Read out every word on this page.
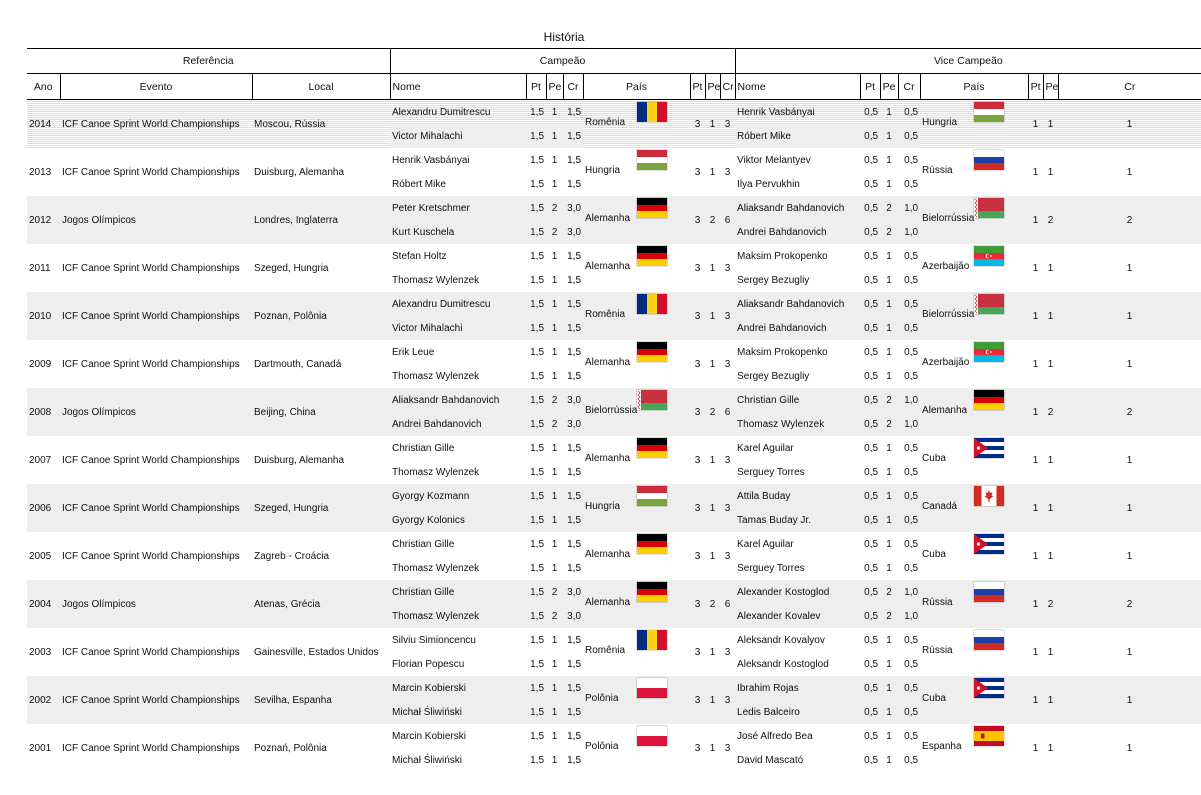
História
Referência			Campeão								Vice Campeão							
Ano	Evento	Local	Nome	Pt	Pe	Cr	País	Pt	Pe	Cr	Nome	Pt	Pe	Cr	País	Pt	Pe	Cr
2014	ICF Canoe Sprint World Championships	Moscou, Rússia	Alexandru Dumitrescu	1,5	1	1,5	Romênia	3	1	3	Henrik Vasbányai	0,5	1	0,5	Hungria	1	1	1
			Victor Mihalachi	1,5	1	1,5					Róbert Mike	0,5	1	0,5				
2013	ICF Canoe Sprint World Championships	Duisburg, Alemanha	Henrik Vasbányai	1,5	1	1,5	Hungria	3	1	3	Viktor Melantyev	0,5	1	0,5	Rússia	1	1	1
			Róbert Mike	1,5	1	1,5					Ilya Pervukhin	0,5	1	0,5				
2012	Jogos Olímpicos	Londres, Inglaterra	Peter Kretschmer	1,5	2	3,0	Alemanha	3	2	6	Aliaksandr Bahdanovich	0,5	2	1,0	Bielorrússia	1	2	2
			Kurt Kuschela	1,5	2	3,0					Andrei Bahdanovich	0,5	2	1,0				
2011	ICF Canoe Sprint World Championships	Szeged, Hungria	Stefan Holtz	1,5	1	1,5	Alemanha	3	1	3	Maksim Prokopenko	0,5	1	0,5	Azerbaijão	1	1	1
			Thomasz Wylenzek	1,5	1	1,5					Sergey Bezugliy	0,5	1	0,5				
2010	ICF Canoe Sprint World Championships	Poznan, Polônia	Alexandru Dumitrescu	1,5	1	1,5	Romênia	3	1	3	Aliaksandr Bahdanovich	0,5	1	0,5	Bielorrússia	1	1	1
			Victor Mihalachi	1,5	1	1,5					Andrei Bahdanovich	0,5	1	0,5				
2009	ICF Canoe Sprint World Championships	Dartmouth, Canadá	Erik Leue	1,5	1	1,5	Alemanha	3	1	3	Maksim Prokopenko	0,5	1	0,5	Azerbaijão	1	1	1
			Thomasz Wylenzek	1,5	1	1,5					Sergey Bezugliy	0,5	1	0,5				
2008	Jogos Olímpicos	Beijing, China	Aliaksandr Bahdanovich	1,5	2	3,0	Bielorrússia	3	2	6	Christian Gille	0,5	2	1,0	Alemanha	1	2	2
			Andrei Bahdanovich	1,5	2	3,0					Thomasz Wylenzek	0,5	2	1,0				
2007	ICF Canoe Sprint World Championships	Duisburg, Alemanha	Christian Gille	1,5	1	1,5	Alemanha	3	1	3	Karel Aguilar	0,5	1	0,5	Cuba	1	1	1
			Thomasz Wylenzek	1,5	1	1,5					Serguey Torres	0,5	1	0,5				
2006	ICF Canoe Sprint World Championships	Szeged, Hungria	Gyorgy Kozmann	1,5	1	1,5	Hungria	3	1	3	Attila Buday	0,5	1	0,5	Canadá	1	1	1
			Gyorgy Kolonics	1,5	1	1,5					Tamas Buday Jr.	0,5	1	0,5				
2005	ICF Canoe Sprint World Championships	Zagreb - Croácia	Christian Gille	1,5	1	1,5	Alemanha	3	1	3	Karel Aguilar	0,5	1	0,5	Cuba	1	1	1
			Thomasz Wylenzek	1,5	1	1,5					Serguey Torres	0,5	1	0,5				
2004	Jogos Olímpicos	Atenas, Grécia	Christian Gille	1,5	2	3,0	Alemanha	3	2	6	Alexander Kostoglod	0,5	2	1,0	Rússia	1	2	2
			Thomasz Wylenzek	1,5	2	3,0					Alexander Kovalev	0,5	2	1,0				
2003	ICF Canoe Sprint World Championships	Gainesville, Estados Unidos	Silviu Simioncencu	1,5	1	1,5	Romênia	3	1	3	Aleksandr Kovalyov	0,5	1	0,5	Rússia	1	1	1
			Florian Popescu	1,5	1	1,5					Aleksandr Kostoglod	0,5	1	0,5				
2002	ICF Canoe Sprint World Championships	Sevilha, Espanha	Marcin Kobierski	1,5	1	1,5	Polônia	3	1	3	Ibrahim Rojas	0,5	1	0,5	Cuba	1	1	1
			Michał Śliwiński	1,5	1	1,5					Ledis Balceiro	0,5	1	0,5				
2001	ICF Canoe Sprint World Championships	Poznań, Polônia	Marcin Kobierski	1,5	1	1,5	Polônia	3	1	3	José Alfredo Bea	0,5	1	0,5	Espanha	1	1	1
			Michał Śliwiński	1,5	1	1,5					David Mascató	0,5	1	0,5				
